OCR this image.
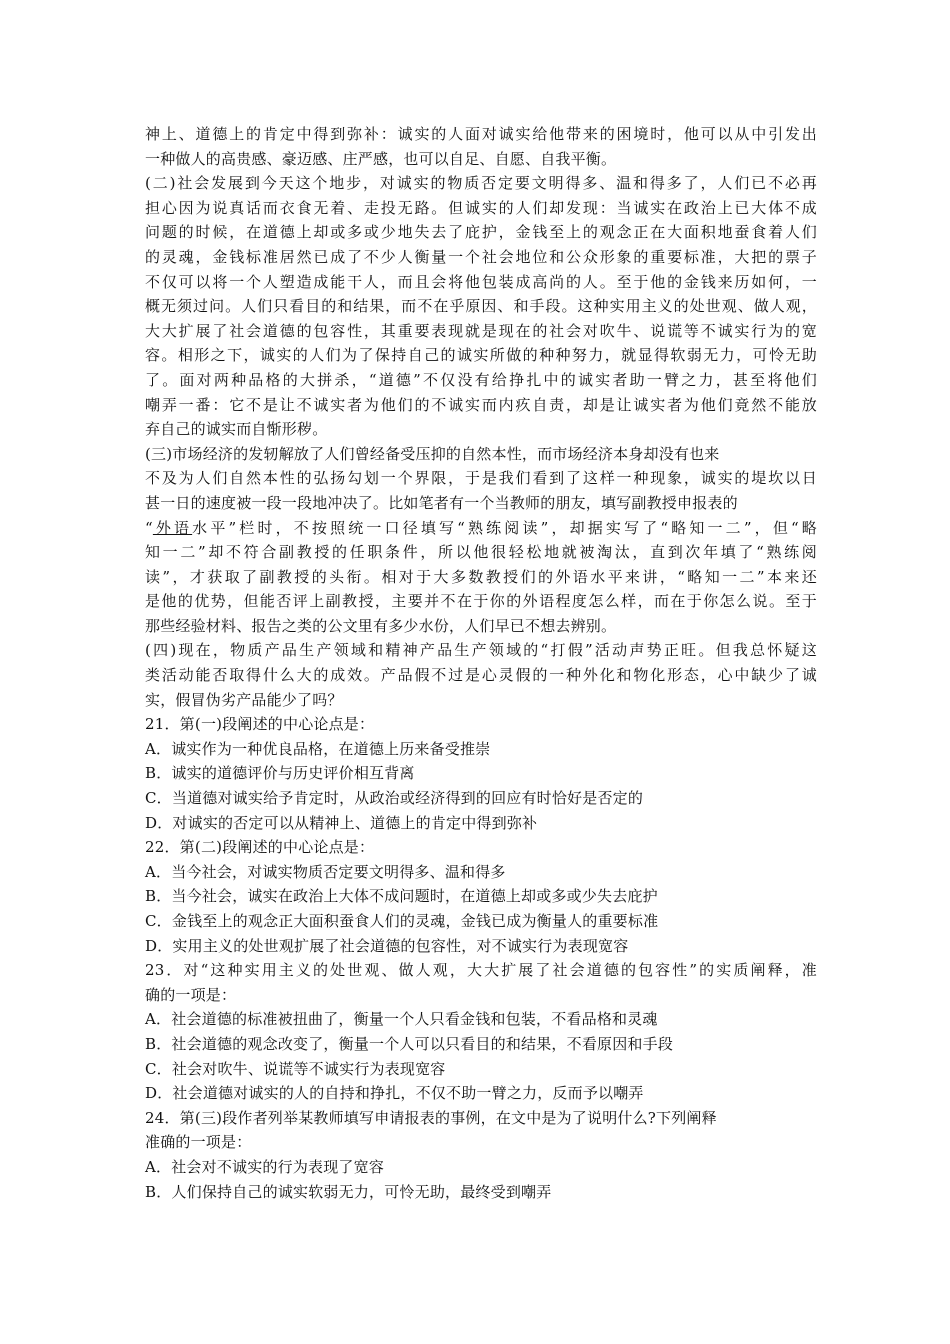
神上、道德上的肯定中得到弥补：诚实的人面对诚实给他带来的困境时，他可以从中引发出
一种做人的高贵感、豪迈感、庄严感，也可以自足、自愿、自我平衡。
(二)社会发展到今天这个地步，对诚实的物质否定要文明得多、温和得多了，人们已不必再
担心因为说真话而衣食无着、走投无路。但诚实的人们却发现：当诚实在政治上已大体不成
问题的时候，在道德上却或多或少地失去了庇护，金钱至上的观念正在大面积地蚕食着人们
的灵魂，金钱标准居然已成了不少人衡量一个社会地位和公众形象的重要标准，大把的票子
不仅可以将一个人塑造成能干人，而且会将他包装成高尚的人。至于他的金钱来历如何，一
概无须过问。人们只看目的和结果，而不在乎原因、和手段。这种实用主义的处世观、做人观，
大大扩展了社会道德的包容性，其重要表现就是现在的社会对吹牛、说谎等不诚实行为的宽
容。相形之下，诚实的人们为了保持自己的诚实所做的种种努力，就显得软弱无力，可怜无助
了。面对两种品格的大拼杀，“道德”不仅没有给挣扎中的诚实者助一臂之力，甚至将他们
嘲弄一番：它不是让不诚实者为他们的不诚实而内疚自责，却是让诚实者为他们竟然不能放
弃自己的诚实而自惭形秽。
(三)市场经济的发轫解放了人们曾经备受压抑的自然本性，而市场经济本身却没有也来
不及为人们自然本性的弘扬勾划一个界限，于是我们看到了这样一种现象，诚实的堤坎以日
甚一日的速度被一段一段地冲决了。比如笔者有一个当教师的朋友，填写副教授申报表的
“外语水平”栏时，不按照统一口径填写“熟练阅读”，却据实写了“略知一二”，但“略
知一二”却不符合副教授的任职条件，所以他很轻松地就被淘汰，直到次年填了“熟练阅
读”，才获取了副教授的头衔。相对于大多数教授们的外语水平来讲，“略知一二”本来还
是他的优势，但能否评上副教授，主要并不在于你的外语程度怎么样，而在于你怎么说。至于
那些经验材料、报告之类的公文里有多少水份，人们早已不想去辨别。
(四)现在，物质产品生产领域和精神产品生产领域的“打假”活动声势正旺。但我总怀疑这
类活动能否取得什么大的成效。产品假不过是心灵假的一种外化和物化形态，心中缺少了诚
实，假冒伪劣产品能少了吗？
21．第(一)段阐述的中心论点是：
A．诚实作为一种优良品格，在道德上历来备受推崇
B．诚实的道德评价与历史评价相互背离
C．当道德对诚实给予肯定时，从政治或经济得到的回应有时恰好是否定的
D．对诚实的否定可以从精神上、道德上的肯定中得到弥补
22．第(二)段阐述的中心论点是：
A．当今社会，对诚实物质否定要文明得多、温和得多
B．当今社会，诚实在政治上大体不成问题时，在道德上却或多或少失去庇护
C．金钱至上的观念正大面积蚕食人们的灵魂，金钱已成为衡量人的重要标准
D．实用主义的处世观扩展了社会道德的包容性，对不诚实行为表现宽容
23．对“这种实用主义的处世观、做人观，大大扩展了社会道德的包容性”的实质阐释，准
确的一项是：
A．社会道德的标准被扭曲了，衡量一个人只看金钱和包装，不看品格和灵魂
B．社会道德的观念改变了，衡量一个人可以只看目的和结果，不看原因和手段
C．社会对吹牛、说谎等不诚实行为表现宽容
D．社会道德对诚实的人的自持和挣扎，不仅不助一臂之力，反而予以嘲弄
24．第(三)段作者列举某教师填写申请报表的事例，在文中是为了说明什么?下列阐释
准确的一项是：
A．社会对不诚实的行为表现了宽容
B．人们保持自己的诚实软弱无力，可怜无助，最终受到嘲弄
